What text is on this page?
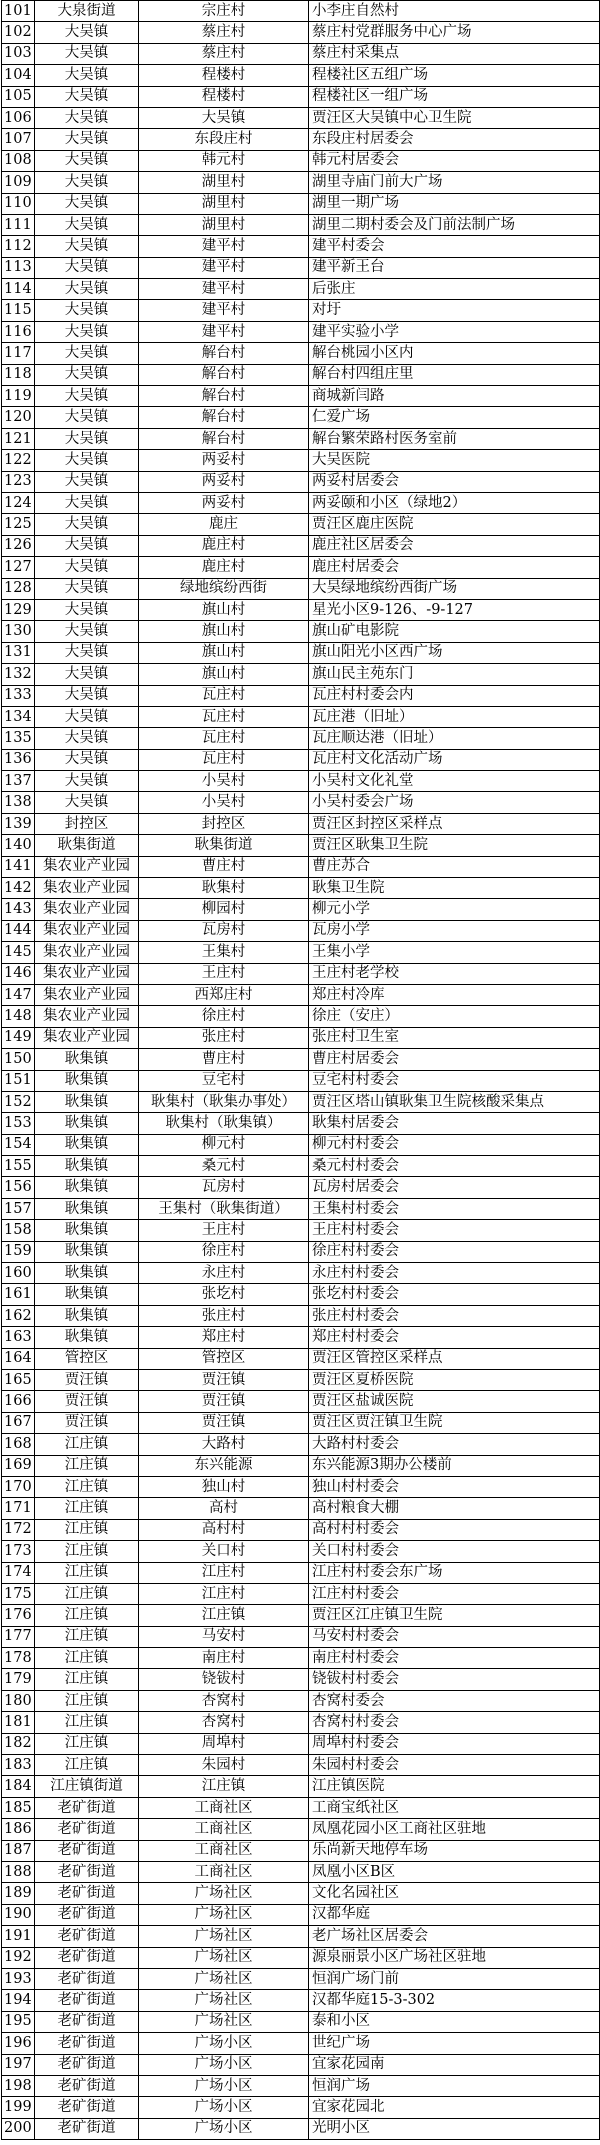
101	大泉街道	宗庄村	小李庄自然村
102	大吴镇	蔡庄村	蔡庄村党群服务中心广场
103	大吴镇	蔡庄村	蔡庄村采集点
104	大吴镇	程楼村	程楼社区五组广场
105	大吴镇	程楼村	程楼社区一组广场
106	大吴镇	大吴镇	贾汪区大吴镇中心卫生院
107	大吴镇	东段庄村	东段庄村居委会
108	大吴镇	韩元村	韩元村居委会
109	大吴镇	湖里村	湖里寺庙门前大广场
110	大吴镇	湖里村	湖里一期广场
111	大吴镇	湖里村	湖里二期村委会及门前法制广场
112	大吴镇	建平村	建平村委会
113	大吴镇	建平村	建平新王台
114	大吴镇	建平村	后张庄
115	大吴镇	建平村	对圩
116	大吴镇	建平村	建平实验小学
117	大吴镇	解台村	解台桃园小区内
118	大吴镇	解台村	解台村四组庄里
119	大吴镇	解台村	商城新闫路
120	大吴镇	解台村	仁爱广场
121	大吴镇	解台村	解台繁荣路村医务室前
122	大吴镇	两妥村	大吴医院
123	大吴镇	两妥村	两妥村居委会
124	大吴镇	两妥村	两妥颐和小区（绿地2）
125	大吴镇	鹿庄	贾汪区鹿庄医院
126	大吴镇	鹿庄村	鹿庄社区居委会
127	大吴镇	鹿庄村	鹿庄村居委会
128	大吴镇	绿地缤纷西街	大吴绿地缤纷西街广场
129	大吴镇	旗山村	星光小区9-126、-9-127
130	大吴镇	旗山村	旗山矿电影院
131	大吴镇	旗山村	旗山阳光小区西广场
132	大吴镇	旗山村	旗山民主苑东门
133	大吴镇	瓦庄村	瓦庄村村委会内
134	大吴镇	瓦庄村	瓦庄港（旧址）
135	大吴镇	瓦庄村	瓦庄顺达港（旧址）
136	大吴镇	瓦庄村	瓦庄村文化活动广场
137	大吴镇	小吴村	小吴村文化礼堂
138	大吴镇	小吴村	小吴村委会广场
139	封控区	封控区	贾汪区封控区采样点
140	耿集街道	耿集街道	贾汪区耿集卫生院
141	集农业产业园	曹庄村	曹庄苏合
142	集农业产业园	耿集村	耿集卫生院
143	集农业产业园	柳园村	柳元小学
144	集农业产业园	瓦房村	瓦房小学
145	集农业产业园	王集村	王集小学
146	集农业产业园	王庄村	王庄村老学校
147	集农业产业园	西郑庄村	郑庄村冷库
148	集农业产业园	徐庄村	徐庄（安庄）
149	集农业产业园	张庄村	张庄村卫生室
150	耿集镇	曹庄村	曹庄村居委会
151	耿集镇	豆宅村	豆宅村村委会
152	耿集镇	耿集村（耿集办事处）	贾汪区塔山镇耿集卫生院核酸采集点
153	耿集镇	耿集村（耿集镇）	耿集村居委会
154	耿集镇	柳元村	柳元村村委会
155	耿集镇	桑元村	桑元村村委会
156	耿集镇	瓦房村	瓦房村居委会
157	耿集镇	王集村（耿集街道）	王集村村委会
158	耿集镇	王庄村	王庄村村委会
159	耿集镇	徐庄村	徐庄村村委会
160	耿集镇	永庄村	永庄村村委会
161	耿集镇	张圪村	张圪村村委会
162	耿集镇	张庄村	张庄村村委会
163	耿集镇	郑庄村	郑庄村村委会
164	管控区	管控区	贾汪区管控区采样点
165	贾汪镇	贾汪镇	贾汪区夏桥医院
166	贾汪镇	贾汪镇	贾汪区盐诚医院
167	贾汪镇	贾汪镇	贾汪区贾汪镇卫生院
168	江庄镇	大路村	大路村村委会
169	江庄镇	东兴能源	东兴能源3期办公楼前
170	江庄镇	独山村	独山村村委会
171	江庄镇	高村	高村粮食大棚
172	江庄镇	高村村	高村村村委会
173	江庄镇	关口村	关口村村委会
174	江庄镇	江庄村	江庄村村委会东广场
175	江庄镇	江庄村	江庄村村委会
176	江庄镇	江庄镇	贾汪区江庄镇卫生院
177	江庄镇	马安村	马安村村委会
178	江庄镇	南庄村	南庄村村委会
179	江庄镇	铙钹村	铙钹村村委会
180	江庄镇	杏窝村	杏窝村委会
181	江庄镇	杏窝村	杏窝村村委会
182	江庄镇	周埠村	周埠村村委会
183	江庄镇	朱园村	朱园村村委会
184	江庄镇街道	江庄镇	江庄镇医院
185	老矿街道	工商社区	工商宝纸社区
186	老矿街道	工商社区	凤凰花园小区工商社区驻地
187	老矿街道	工商社区	乐尚新天地停车场
188	老矿街道	工商社区	凤凰小区B区
189	老矿街道	广场社区	文化名园社区
190	老矿街道	广场社区	汉都华庭
191	老矿街道	广场社区	老广场社区居委会
192	老矿街道	广场社区	源泉丽景小区广场社区驻地
193	老矿街道	广场社区	恒润广场门前
194	老矿街道	广场社区	汉都华庭15-3-302
195	老矿街道	广场社区	泰和小区
196	老矿街道	广场小区	世纪广场
197	老矿街道	广场小区	宜家花园南
198	老矿街道	广场小区	恒润广场
199	老矿街道	广场小区	宜家花园北
200	老矿街道	广场小区	光明小区
